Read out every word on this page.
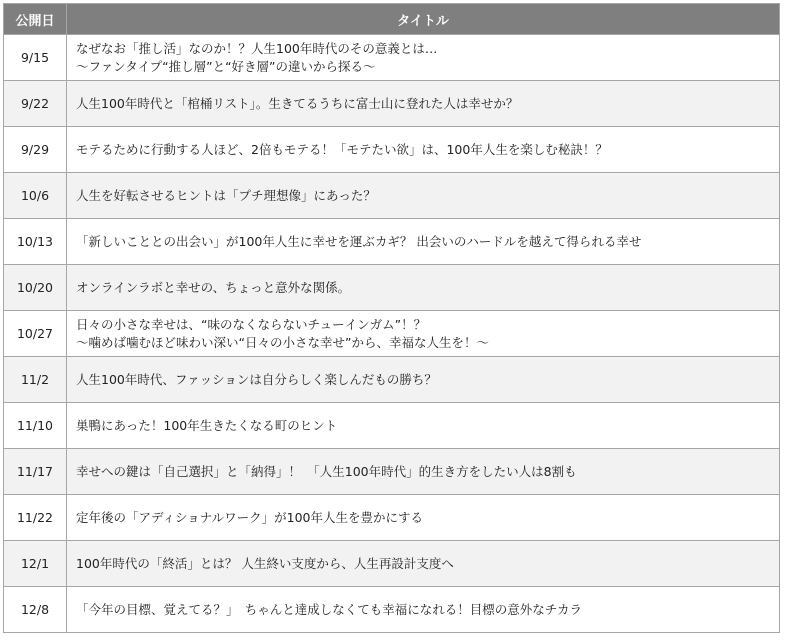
公開日	タイトル
9/15	なぜなお「推し活」なのか！？人生100年時代のその意義とは…
～ファンタイプ“推し層”と“好き層”の違いから探る～

9/22	人生100年時代と「棺桶リスト」。生きてるうちに富士山に登れた人は幸せか？

9/29	モテるために行動する人ほど、2倍もモテる！「モテたい欲」は、100年人生を楽しむ秘訣！？

10/6	人生を好転させるヒントは「プチ理想像」にあった？

10/13	「新しいこととの出会い」が100年人生に幸せを運ぶカギ？ 出会いのハードルを越えて得られる幸せ

10/20	オンラインラボと幸せの、ちょっと意外な関係。

10/27	日々の小さな幸せは、“味のなくならないチューインガム”！？
～噛めば噛むほど味わい深い“日々の小さな幸せ”から、幸福な人生を！～

11/2	人生100年時代、ファッションは自分らしく楽しんだもの勝ち？

11/10	巣鴨にあった！100年生きたくなる町のヒント

11/17	幸せへの鍵は「自己選択」と「納得」！　「人生100年時代」的生き方をしたい人は8割も

11/22	定年後の「アディショナルワーク」が100年人生を豊かにする

12/1	100年時代の「終活」とは？ 人生終い支度から、人生再設計支度へ

12/8	「今年の目標、覚えてる？」　ちゃんと達成しなくても幸福になれる！目標の意外なチカラ
